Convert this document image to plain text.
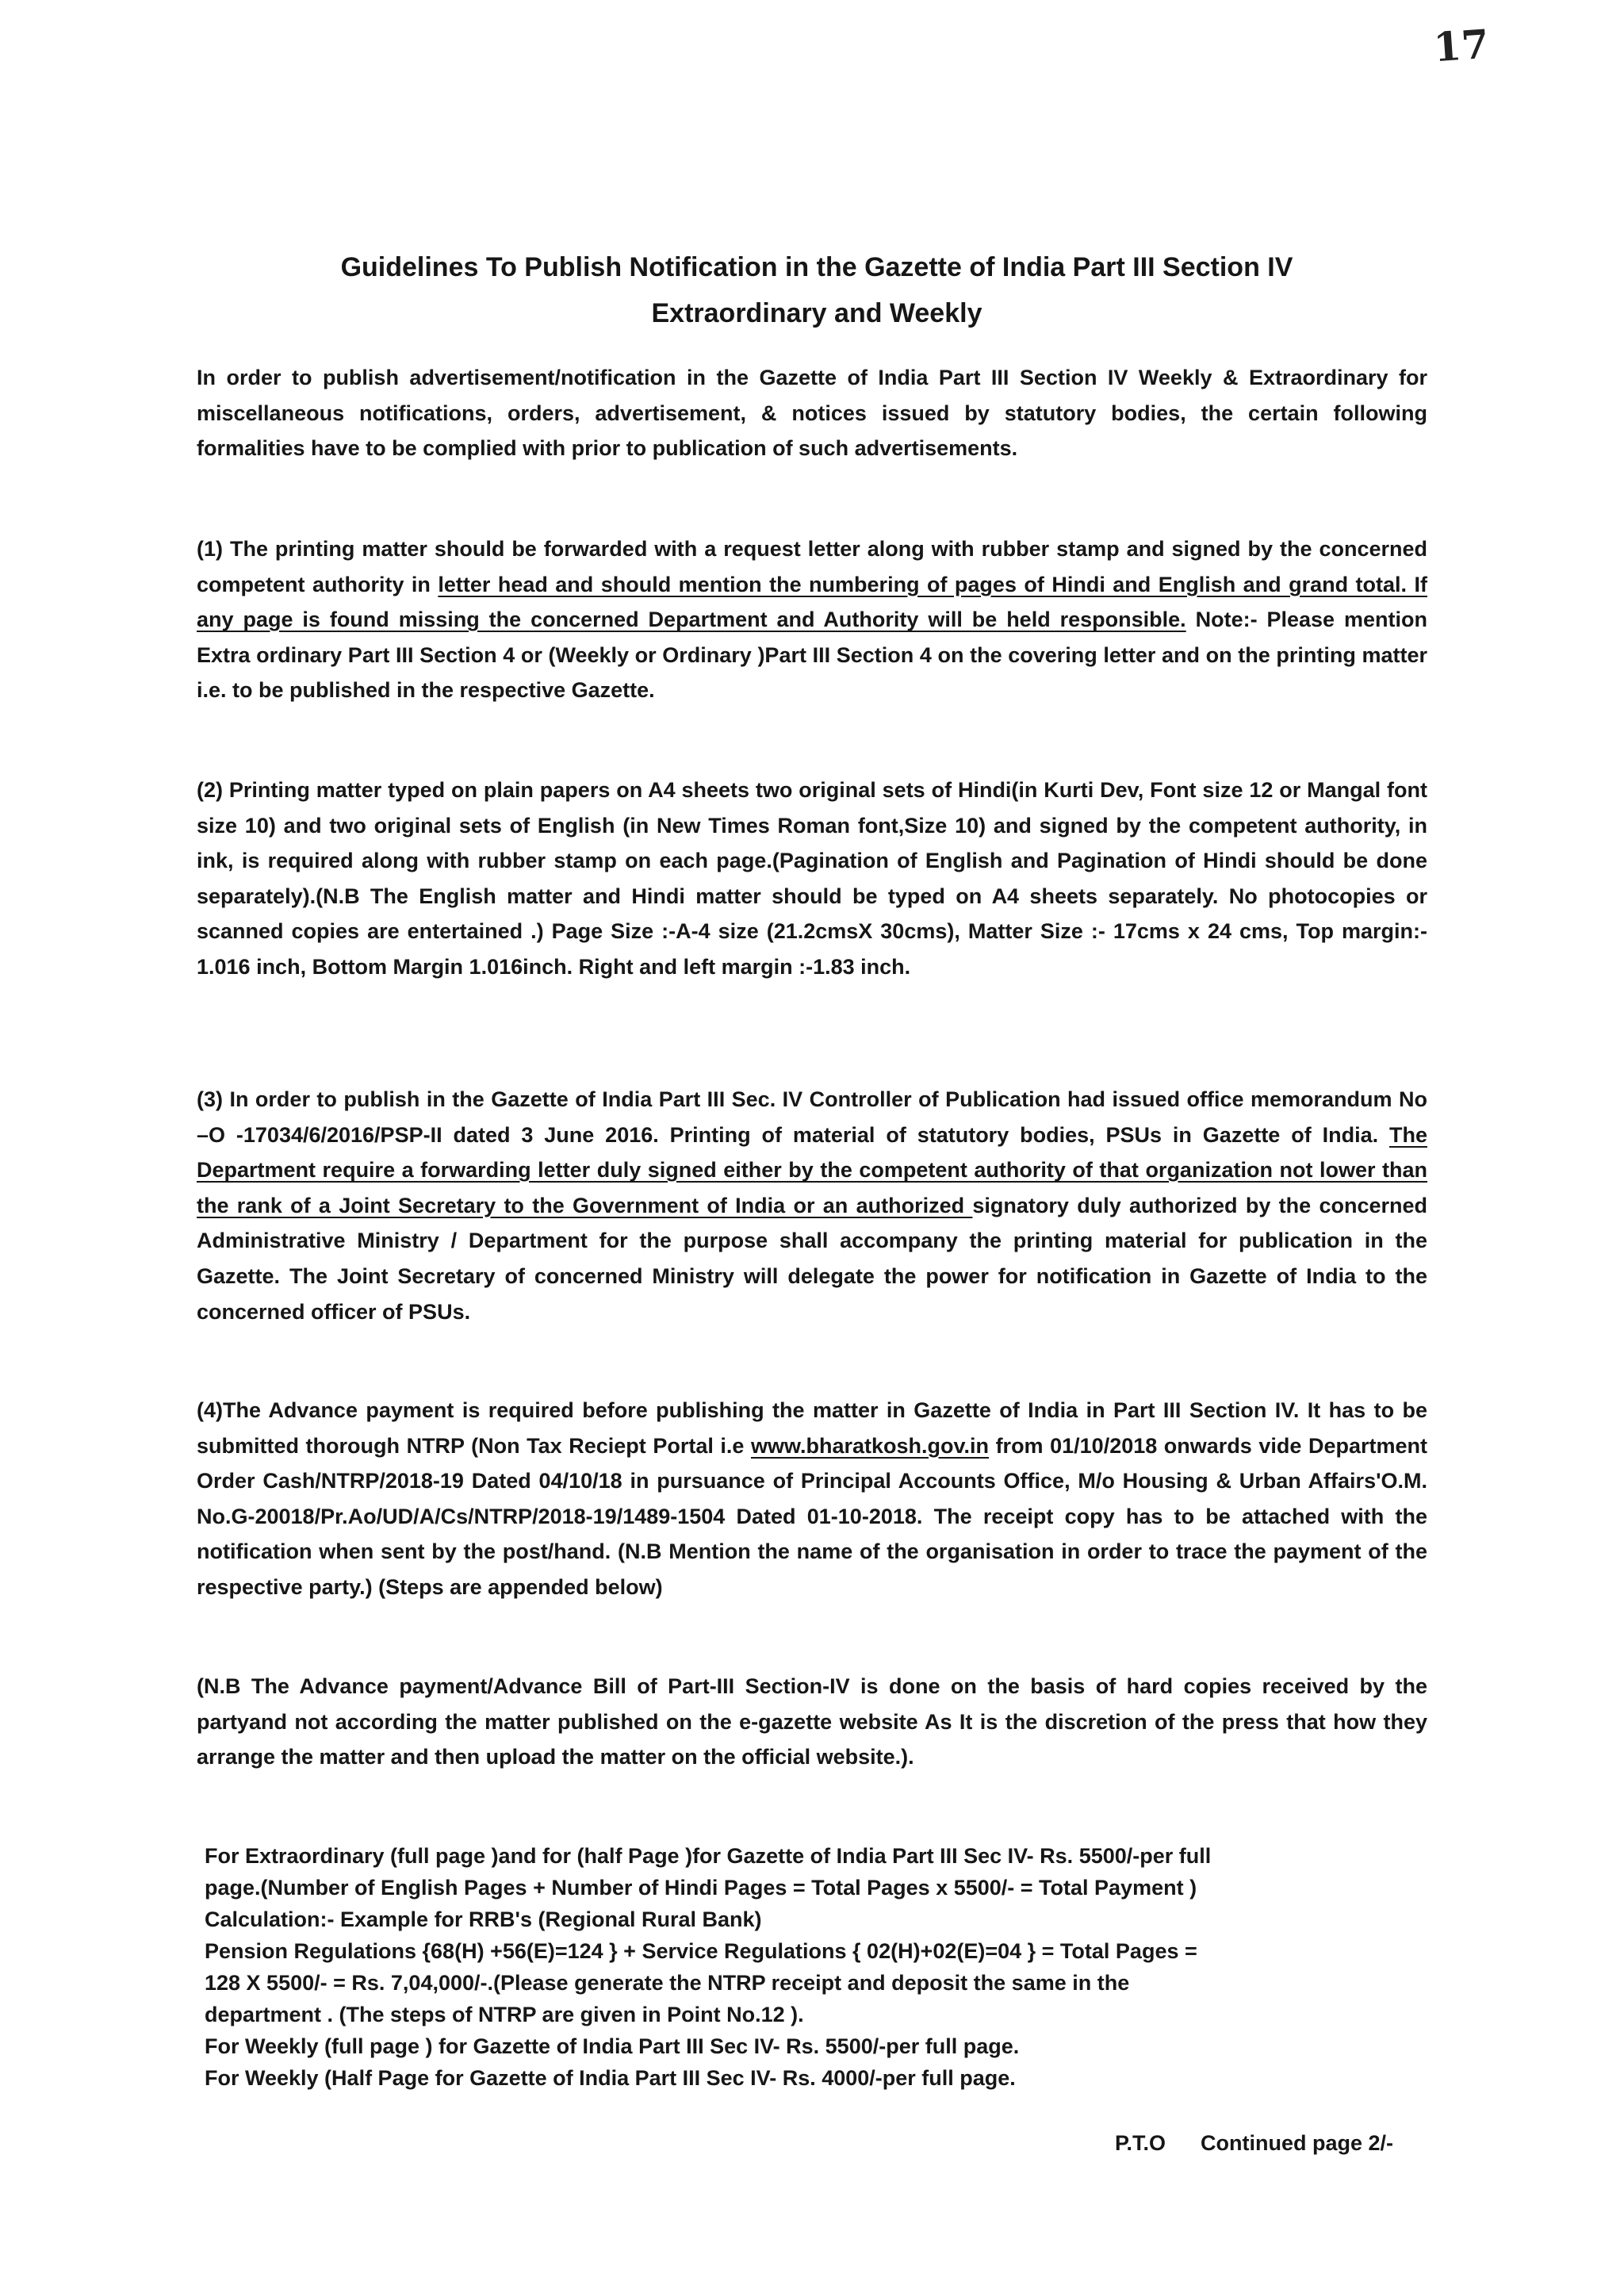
17
Guidelines To Publish Notification in the Gazette of India Part III Section IV
Extraordinary and Weekly

In order to publish advertisement/notification in the Gazette of India Part III Section IV Weekly & Extraordinary for miscellaneous notifications, orders, advertisement, & notices issued by statutory bodies, the certain following formalities have to be complied with prior to publication of such advertisements.

(1) The printing matter should be forwarded with a request letter along with rubber stamp and signed by the concerned competent authority in letter head and should mention the numbering of pages of Hindi and English and grand total. If any page is found missing the concerned Department and Authority will be held responsible. Note:- Please mention Extra ordinary Part III Section 4 or (Weekly or Ordinary )Part III Section 4 on the covering letter and on the printing matter i.e. to be published in the respective Gazette.

(2) Printing matter typed on plain papers on A4 sheets two original sets of Hindi(in Kurti Dev, Font size 12 or Mangal font size 10) and two original sets of English (in New Times Roman font,Size 10) and signed by the competent authority, in ink, is required along with rubber stamp on each page.(Pagination of English and Pagination of Hindi should be done separately).(N.B The English matter and Hindi matter should be typed on A4 sheets separately. No photocopies or scanned copies are entertained .) Page Size :-A-4 size (21.2cmsX 30cms), Matter Size :- 17cms x 24 cms, Top margin:- 1.016 inch, Bottom Margin 1.016inch. Right and left margin :-1.83 inch.

(3) In order to publish in the Gazette of India Part III Sec. IV Controller of Publication had issued office memorandum No –O -17034/6/2016/PSP-II dated 3 June 2016. Printing of material of statutory bodies, PSUs in Gazette of India. The Department require a forwarding letter duly signed either by the competent authority of that organization not lower than the rank of a Joint Secretary to the Government of India or an authorized signatory duly authorized by the concerned Administrative Ministry / Department for the purpose shall accompany the printing material for publication in the Gazette. The Joint Secretary of concerned Ministry will delegate the power for notification in Gazette of India to the concerned officer of PSUs.

(4)The Advance payment is required before publishing the matter in Gazette of India in Part III Section IV. It has to be submitted thorough NTRP (Non Tax Reciept Portal i.e www.bharatkosh.gov.in from 01/10/2018 onwards vide Department Order Cash/NTRP/2018-19 Dated 04/10/18 in pursuance of Principal Accounts Office, M/o Housing & Urban Affairs'O.M. No.G-20018/Pr.Ao/UD/A/Cs/NTRP/2018-19/1489-1504 Dated 01-10-2018. The receipt copy has to be attached with the notification when sent by the post/hand. (N.B Mention the name of the organisation in order to trace the payment of the respective party.) (Steps are appended below)

(N.B The Advance payment/Advance Bill of Part-III Section-IV is done on the basis of hard copies received by the partyand not according the matter published on the e-gazette website As It is the discretion of the press that how they arrange the matter and then upload the matter on the official website.).

For Extraordinary (full page )and for (half Page )for Gazette of India Part III Sec IV- Rs. 5500/-per full
page.(Number of English Pages + Number of Hindi Pages = Total Pages x 5500/- = Total Payment )
Calculation:- Example for RRB's (Regional Rural Bank)
Pension Regulations {68(H) +56(E)=124 } + Service Regulations { 02(H)+02(E)=04 } = Total Pages =
128 X 5500/- = Rs. 7,04,000/-.(Please generate the NTRP receipt and deposit the same in the
department . (The steps of NTRP are given in Point No.12 ).
For Weekly (full page ) for Gazette of India Part III Sec IV- Rs. 5500/-per full page.
For Weekly (Half Page for Gazette of India Part III Sec IV- Rs. 4000/-per full page.
P.T.O Continued page 2/-
